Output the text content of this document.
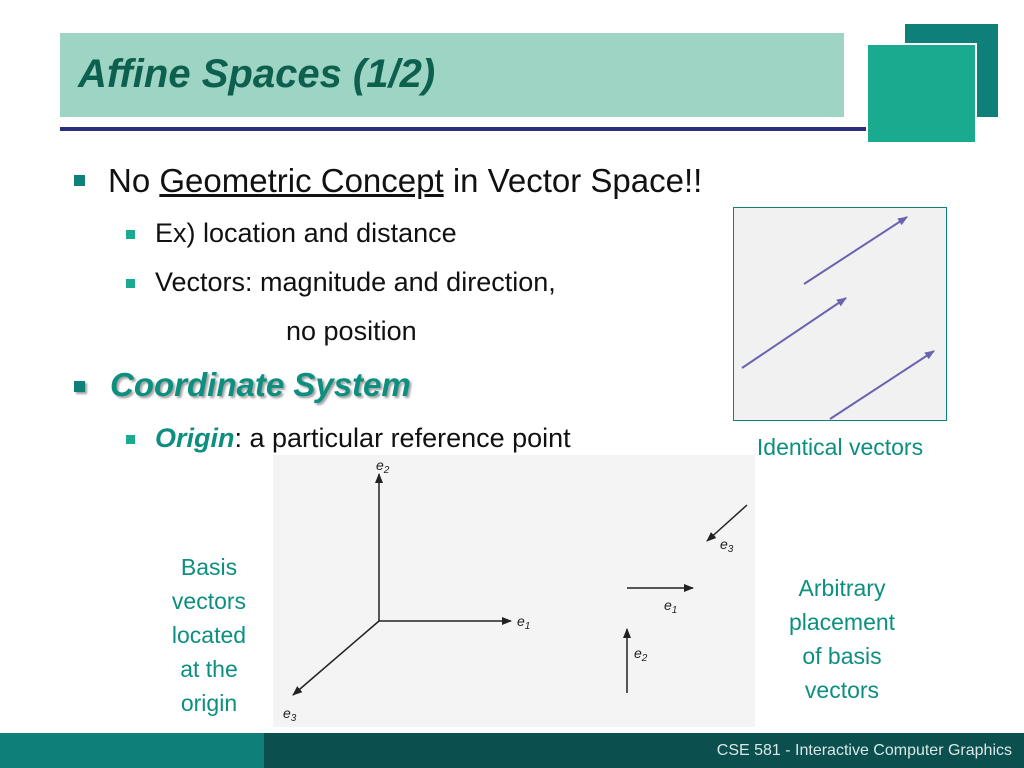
Affine Spaces (1/2)
No Geometric Concept in Vector Space!!
Ex) location and distance
Vectors: magnitude and direction,
no position
Coordinate System
Origin: a particular reference point	Identical vectors
$e_2$
$e_1$
$e_3$
$e_3$
$e_1$
$e_2$
Basis
vectors
located
at the
origin
Arbitrary
placement
of basis
vectors
CSE 581 - Interactive Computer Graphics
